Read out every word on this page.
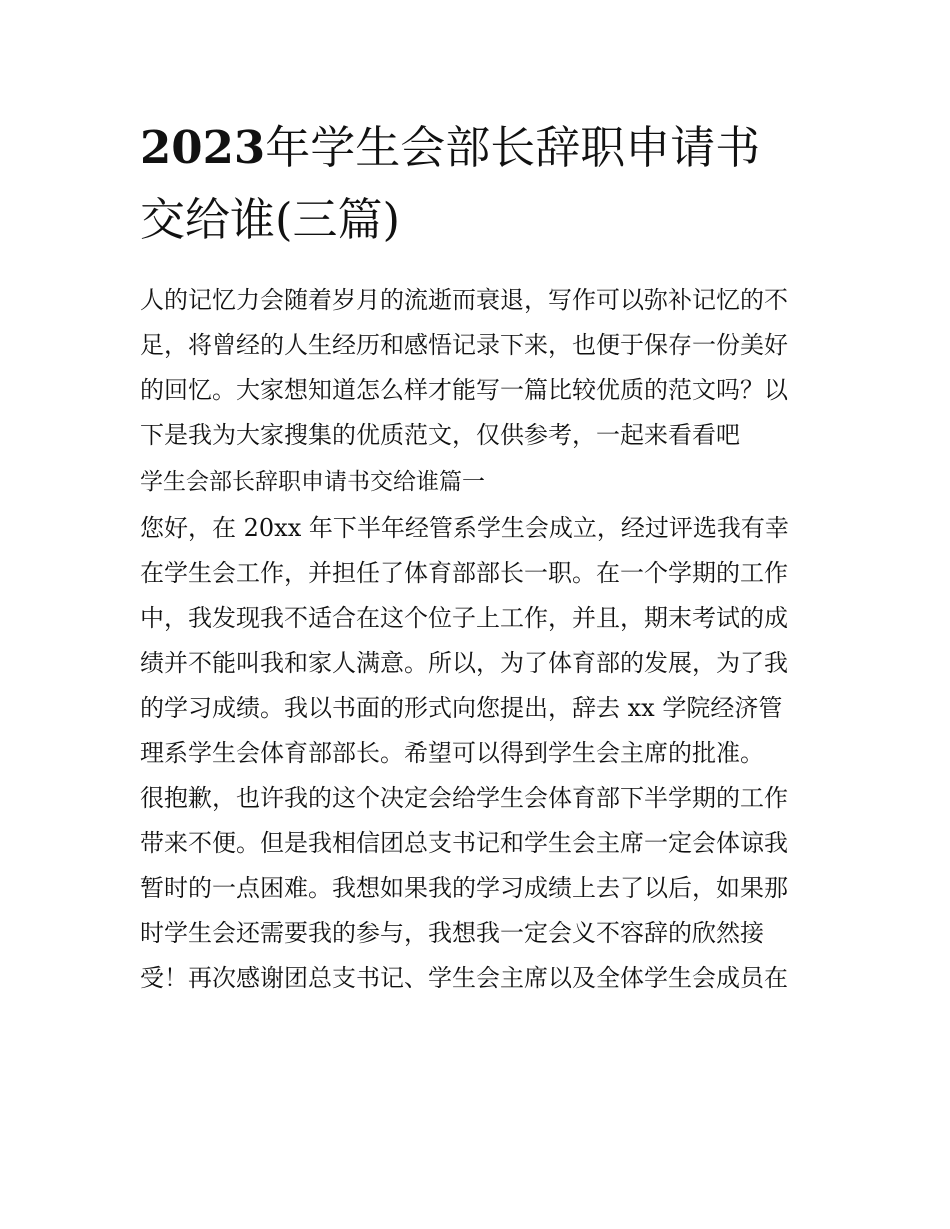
2023年学生会部长辞职申请书
交给谁(三篇)
人的记忆力会随着岁月的流逝而衰退，写作可以弥补记忆的不
足，将曾经的人生经历和感悟记录下来，也便于保存一份美好
的回忆。大家想知道怎么样才能写一篇比较优质的范文吗？以
下是我为大家搜集的优质范文，仅供参考，一起来看看吧
学生会部长辞职申请书交给谁篇一
您好，在 20xx 年下半年经管系学生会成立，经过评选我有幸
在学生会工作，并担任了体育部部长一职。在一个学期的工作
中，我发现我不适合在这个位子上工作，并且，期末考试的成
绩并不能叫我和家人满意。所以，为了体育部的发展，为了我
的学习成绩。我以书面的形式向您提出，辞去 xx 学院经济管
理系学生会体育部部长。希望可以得到学生会主席的批准。
很抱歉，也许我的这个决定会给学生会体育部下半学期的工作
带来不便。但是我相信团总支书记和学生会主席一定会体谅我
暂时的一点困难。我想如果我的学习成绩上去了以后，如果那
时学生会还需要我的参与，我想我一定会义不容辞的欣然接
受！再次感谢团总支书记、学生会主席以及全体学生会成员在
